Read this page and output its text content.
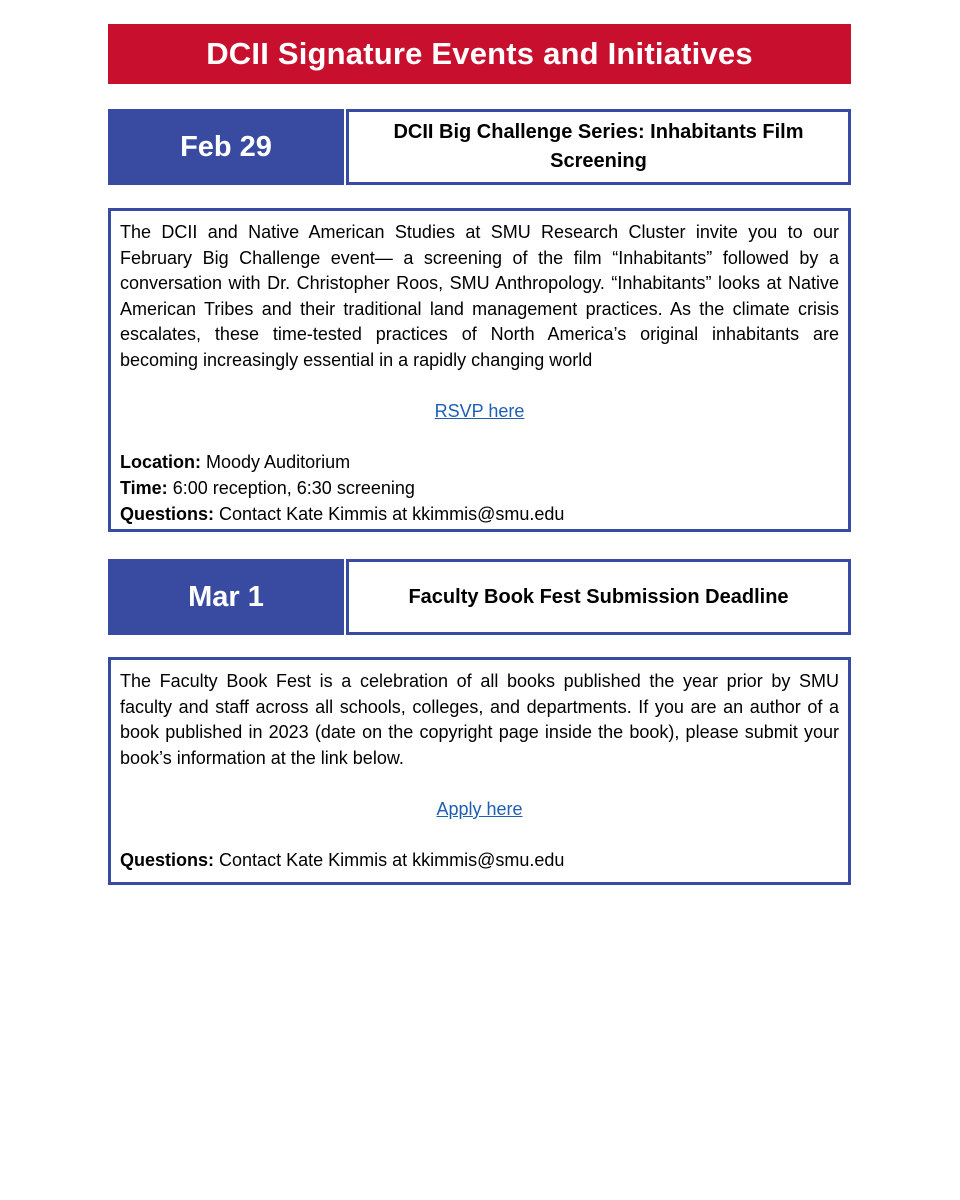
DCII Signature Events and Initiatives
Feb 29	DCII Big Challenge Series: Inhabitants Film Screening

The DCII and Native American Studies at SMU Research Cluster invite you to our February Big Challenge event— a screening of the film “Inhabitants” followed by a conversation with Dr. Christopher Roos, SMU Anthropology. “Inhabitants” looks at Native American Tribes and their traditional land management practices. As the climate crisis escalates, these time-tested practices of North America’s original inhabitants are becoming increasingly essential in a rapidly changing world

RSVP here

Location: Moody Auditorium

Time: 6:00 reception, 6:30 screening

Questions: Contact Kate Kimmis at kkimmis@smu.edu

Mar 1	Faculty Book Fest Submission Deadline

The Faculty Book Fest is a celebration of all books published the year prior by SMU faculty and staff across all schools, colleges, and departments. If you are an author of a book published in 2023 (date on the copyright page inside the book), please submit your book’s information at the link below.

Apply here

Questions: Contact Kate Kimmis at kkimmis@smu.edu
